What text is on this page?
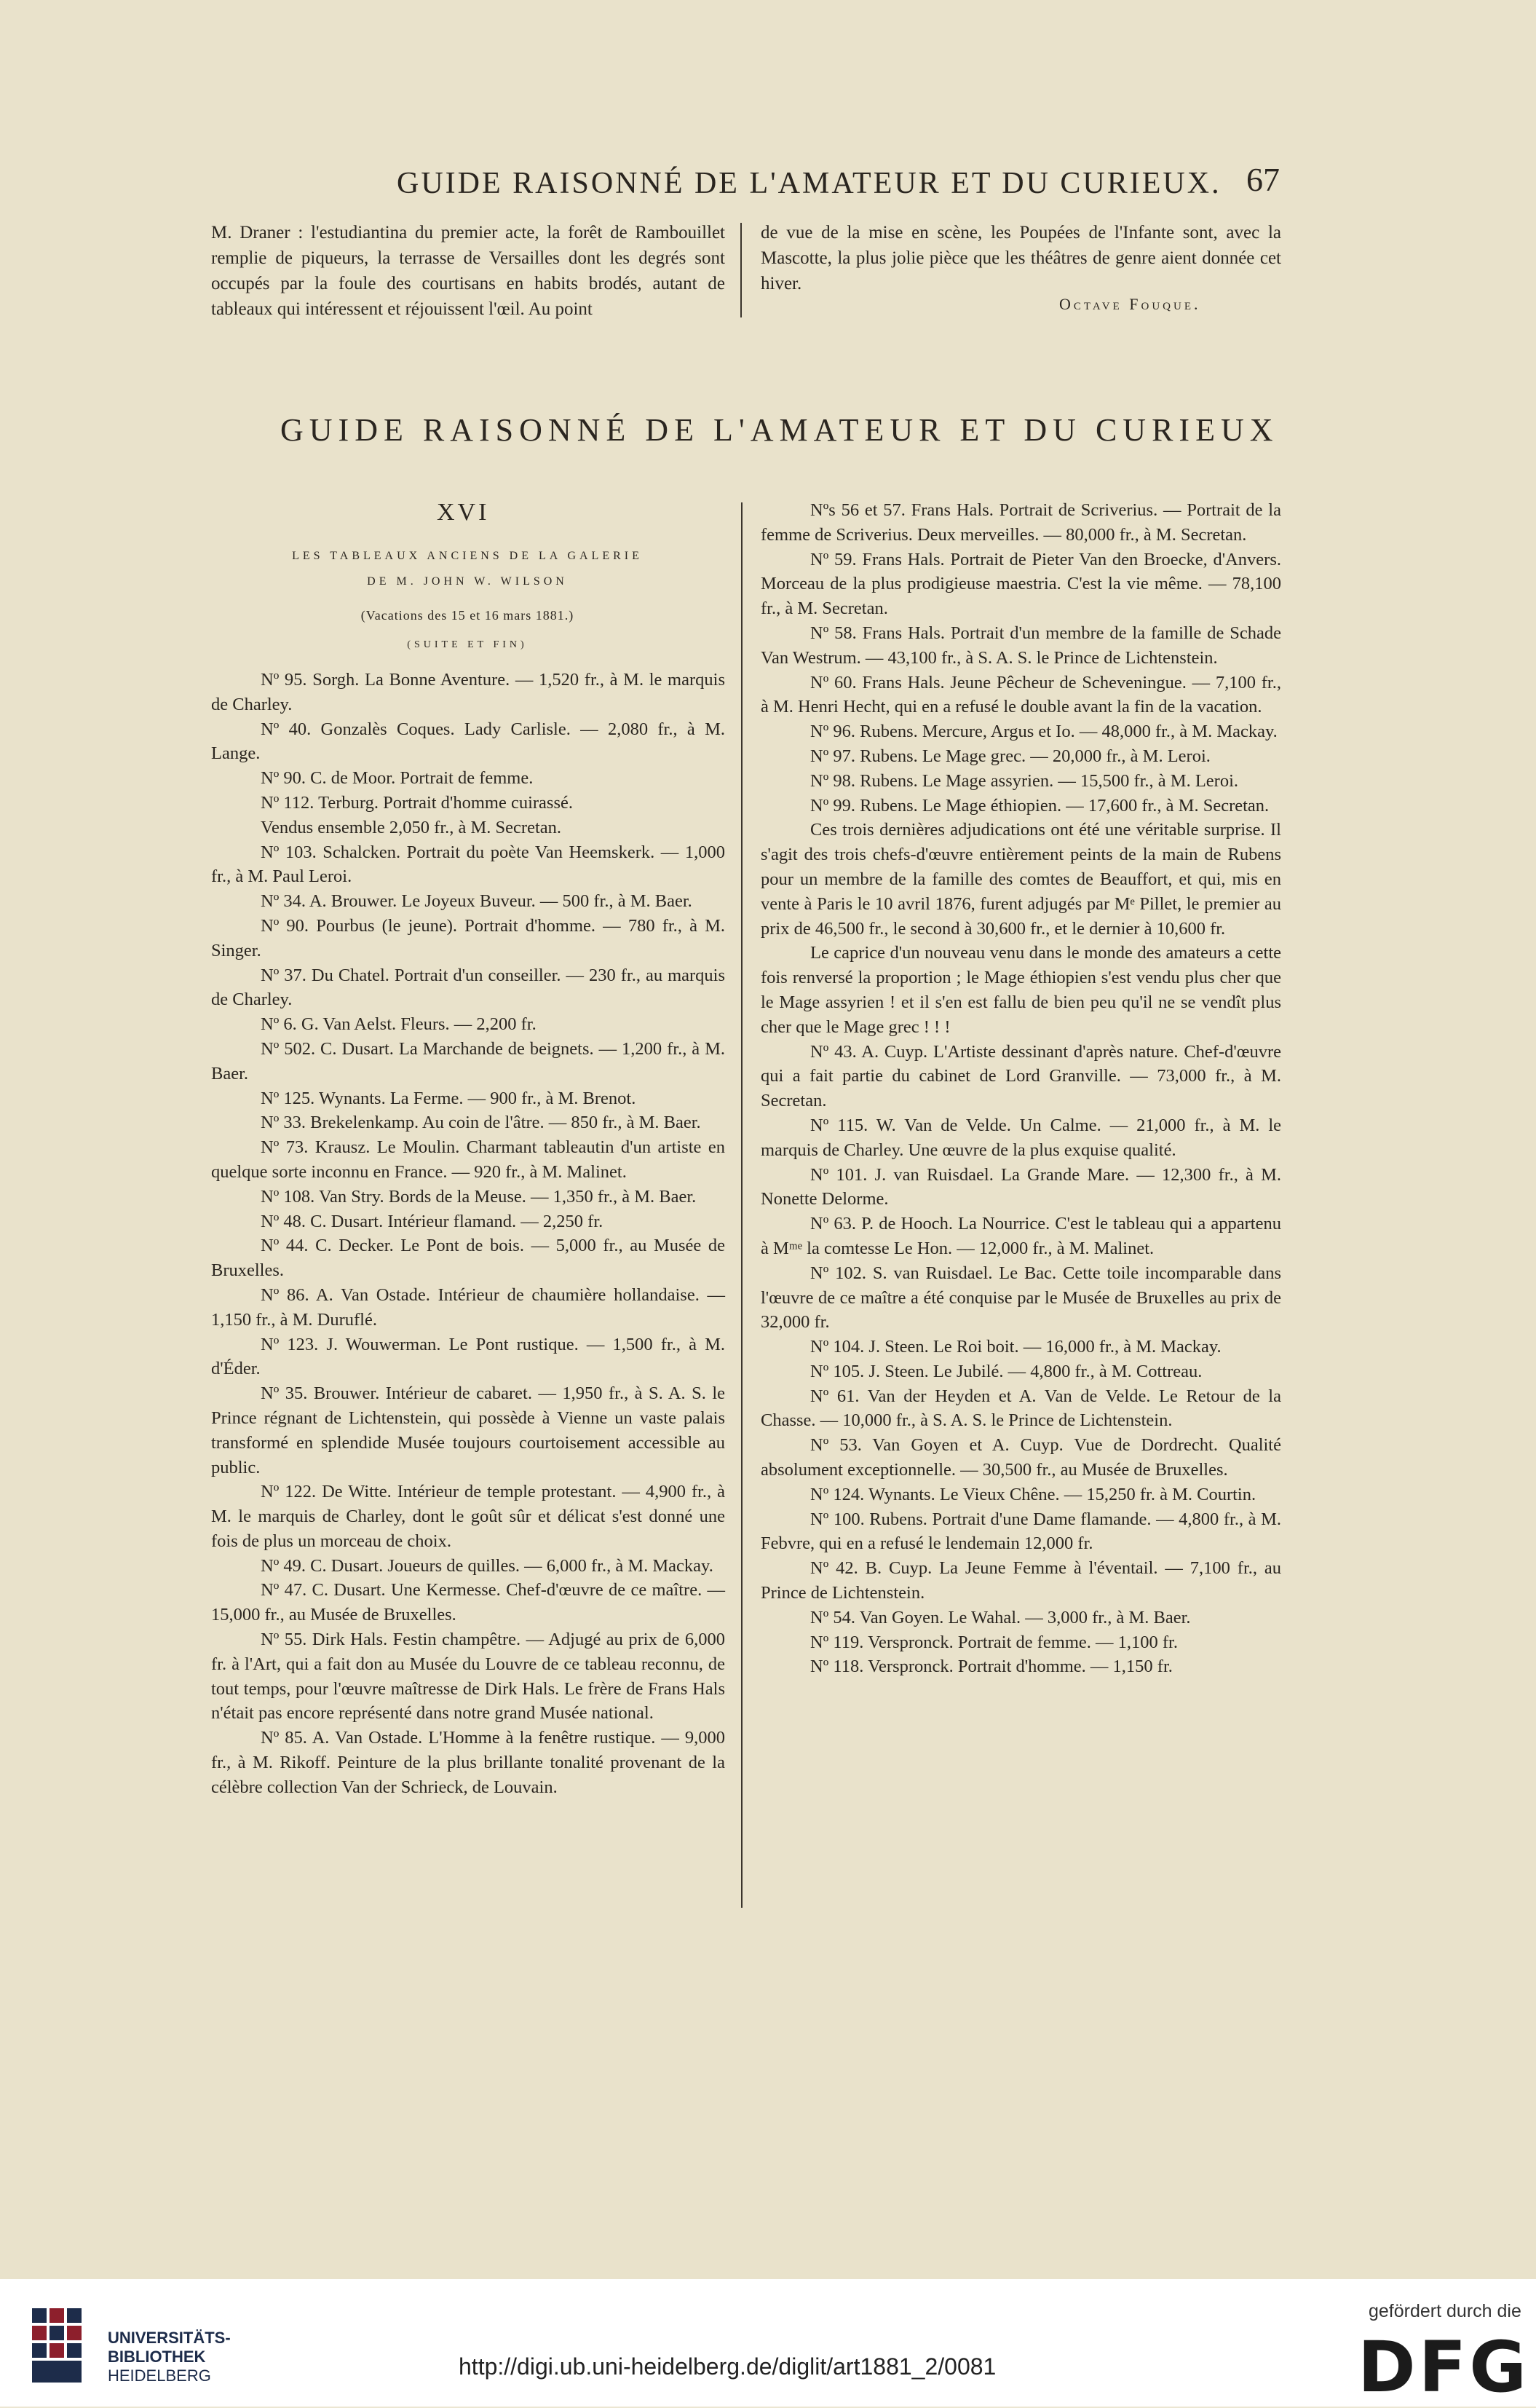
GUIDE RAISONNÉ DE L'AMATEUR ET DU CURIEUX. 67

M. Draner : l'estudiantina du premier acte, la forêt de Rambouillet remplie de piqueurs, la terrasse de Versailles dont les degrés sont occupés par la foule des courtisans en habits brodés, autant de tableaux qui intéressent et réjouissent l'œil. Au point

de vue de la mise en scène, les Poupées de l'Infante sont, avec la Mascotte, la plus jolie pièce que les théâtres de genre aient donnée cet hiver.

Octave Fouque.
GUIDE RAISONNÉ DE L'AMATEUR ET DU CURIEUX
XVI
LES TABLEAUX ANCIENS DE LA GALERIE
DE M. JOHN W. WILSON
(Vacations des 15 et 16 mars 1881.)
(SUITE ET FIN)

Nº 95. Sorgh. La Bonne Aventure. — 1,520 fr., à M. le marquis de Charley.

Nº 40. Gonzalès Coques. Lady Carlisle. — 2,080 fr., à M. Lange.

Nº 90. C. de Moor. Portrait de femme.

Nº 112. Terburg. Portrait d'homme cuirassé.

Vendus ensemble 2,050 fr., à M. Secretan.

Nº 103. Schalcken. Portrait du poète Van Heemskerk. — 1,000 fr., à M. Paul Leroi.

Nº 34. A. Brouwer. Le Joyeux Buveur. — 500 fr., à M. Baer.

Nº 90. Pourbus (le jeune). Portrait d'homme. — 780 fr., à M. Singer.

Nº 37. Du Chatel. Portrait d'un conseiller. — 230 fr., au marquis de Charley.

Nº 6. G. Van Aelst. Fleurs. — 2,200 fr.

Nº 502. C. Dusart. La Marchande de beignets. — 1,200 fr., à M. Baer.

Nº 125. Wynants. La Ferme. — 900 fr., à M. Brenot.

Nº 33. Brekelenkamp. Au coin de l'âtre. — 850 fr., à M. Baer.

Nº 73. Krausz. Le Moulin. Charmant tableautin d'un artiste en quelque sorte inconnu en France. — 920 fr., à M. Malinet.

Nº 108. Van Stry. Bords de la Meuse. — 1,350 fr., à M. Baer.

Nº 48. C. Dusart. Intérieur flamand. — 2,250 fr.

Nº 44. C. Decker. Le Pont de bois. — 5,000 fr., au Musée de Bruxelles.

Nº 86. A. Van Ostade. Intérieur de chaumière hollandaise. — 1,150 fr., à M. Duruflé.

Nº 123. J. Wouwerman. Le Pont rustique. — 1,500 fr., à M. d'Éder.

Nº 35. Brouwer. Intérieur de cabaret. — 1,950 fr., à S. A. S. le Prince régnant de Lichtenstein, qui possède à Vienne un vaste palais transformé en splendide Musée toujours courtoisement accessible au public.

Nº 122. De Witte. Intérieur de temple protestant. — 4,900 fr., à M. le marquis de Charley, dont le goût sûr et délicat s'est donné une fois de plus un morceau de choix.

Nº 49. C. Dusart. Joueurs de quilles. — 6,000 fr., à M. Mackay.

Nº 47. C. Dusart. Une Kermesse. Chef-d'œuvre de ce maître. — 15,000 fr., au Musée de Bruxelles.

Nº 55. Dirk Hals. Festin champêtre. — Adjugé au prix de 6,000 fr. à l'Art, qui a fait don au Musée du Louvre de ce tableau reconnu, de tout temps, pour l'œuvre maîtresse de Dirk Hals. Le frère de Frans Hals n'était pas encore représenté dans notre grand Musée national.

Nº 85. A. Van Ostade. L'Homme à la fenêtre rustique. — 9,000 fr., à M. Rikoff. Peinture de la plus brillante tonalité provenant de la célèbre collection Van der Schrieck, de Louvain.

Nºs 56 et 57. Frans Hals. Portrait de Scriverius. — Portrait de la femme de Scriverius. Deux merveilles. — 80,000 fr., à M. Secretan.

Nº 59. Frans Hals. Portrait de Pieter Van den Broecke, d'Anvers. Morceau de la plus prodigieuse maestria. C'est la vie même. — 78,100 fr., à M. Secretan.

Nº 58. Frans Hals. Portrait d'un membre de la famille de Schade Van Westrum. — 43,100 fr., à S. A. S. le Prince de Lichtenstein.

Nº 60. Frans Hals. Jeune Pêcheur de Scheveningue. — 7,100 fr., à M. Henri Hecht, qui en a refusé le double avant la fin de la vacation.

Nº 96. Rubens. Mercure, Argus et Io. — 48,000 fr., à M. Mackay.

Nº 97. Rubens. Le Mage grec. — 20,000 fr., à M. Leroi.

Nº 98. Rubens. Le Mage assyrien. — 15,500 fr., à M. Leroi.

Nº 99. Rubens. Le Mage éthiopien. — 17,600 fr., à M. Secretan.

Ces trois dernières adjudications ont été une véritable surprise. Il s'agit des trois chefs-d'œuvre entièrement peints de la main de Rubens pour un membre de la famille des comtes de Beauffort, et qui, mis en vente à Paris le 10 avril 1876, furent adjugés par Mᵉ Pillet, le premier au prix de 46,500 fr., le second à 30,600 fr., et le dernier à 10,600 fr.

Le caprice d'un nouveau venu dans le monde des amateurs a cette fois renversé la proportion ; le Mage éthiopien s'est vendu plus cher que le Mage assyrien ! et il s'en est fallu de bien peu qu'il ne se vendît plus cher que le Mage grec ! ! !

Nº 43. A. Cuyp. L'Artiste dessinant d'après nature. Chef-d'œuvre qui a fait partie du cabinet de Lord Granville. — 73,000 fr., à M. Secretan.

Nº 115. W. Van de Velde. Un Calme. — 21,000 fr., à M. le marquis de Charley. Une œuvre de la plus exquise qualité.

Nº 101. J. van Ruisdael. La Grande Mare. — 12,300 fr., à M. Nonette Delorme.

Nº 63. P. de Hooch. La Nourrice. C'est le tableau qui a appartenu à Mᵐᵉ la comtesse Le Hon. — 12,000 fr., à M. Malinet.

Nº 102. S. van Ruisdael. Le Bac. Cette toile incomparable dans l'œuvre de ce maître a été conquise par le Musée de Bruxelles au prix de 32,000 fr.

Nº 104. J. Steen. Le Roi boit. — 16,000 fr., à M. Mackay.

Nº 105. J. Steen. Le Jubilé. — 4,800 fr., à M. Cottreau.

Nº 61. Van der Heyden et A. Van de Velde. Le Retour de la Chasse. — 10,000 fr., à S. A. S. le Prince de Lichtenstein.

Nº 53. Van Goyen et A. Cuyp. Vue de Dordrecht. Qualité absolument exceptionnelle. — 30,500 fr., au Musée de Bruxelles.

Nº 124. Wynants. Le Vieux Chêne. — 15,250 fr. à M. Courtin.

Nº 100. Rubens. Portrait d'une Dame flamande. — 4,800 fr., à M. Febvre, qui en a refusé le lendemain 12,000 fr.

Nº 42. B. Cuyp. La Jeune Femme à l'éventail. — 7,100 fr., au Prince de Lichtenstein.

Nº 54. Van Goyen. Le Wahal. — 3,000 fr., à M. Baer.

Nº 119. Verspronck. Portrait de femme. — 1,100 fr.

Nº 118. Verspronck. Portrait d'homme. — 1,150 fr.

UNIVERSITÄTS-
BIBLIOTHEK
HEIDELBERG	http://digi.ub.uni-heidelberg.de/diglit/art1881_2/0081
gefördert durch die
DFG
